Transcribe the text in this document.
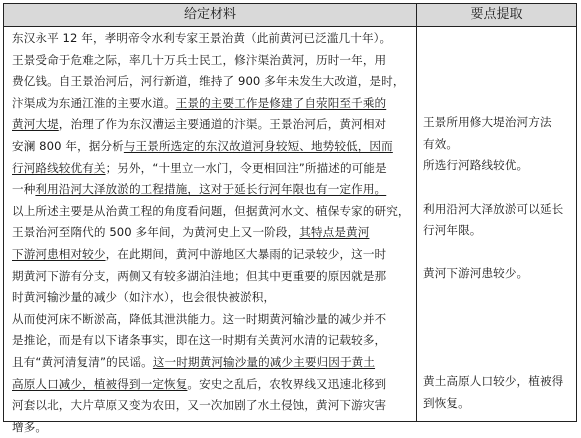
给定材料	要点提取
东汉永平 12 年，孝明帝令水利专家王景治黄（此前黄河已泛滥几十年）。
王景受命于危难之际，率几十万兵士民工，修汴渠治黄河，历时一年，用
费亿钱。自王景治河后，河行新道，维持了 900 多年未发生大改道，是时，
汴渠成为东通江淮的主要水道。王景的主要工作是修建了自荥阳至千乘的
黄河大堤，治理了作为东汉漕运主要通道的汴渠。王景治河后，黄河相对
安澜 800 年，据分析与王景所选定的东汉故道河身较短、地势较低，因而
行河路线较优有关；另外，“十里立一水门，令更相回注”所描述的可能是
一种利用沿河大泽放淤的工程措施，这对于延长行河年限也有一定作用。
以上所述主要是从治黄工程的角度看问题，但据黄河水文、植保专家的研究，
王景治河至隋代的 500 多年间，为黄河史上又一阶段，其特点是黄河
下游河患相对较少，在此期间，黄河中游地区大暴雨的记录较少，这一时
期黄河下游有分支，两侧又有较多湖泊洼地；但其中更重要的原因就是那
时黄河输沙量的减少（如汴水），也会很快被淤积，
从而使河床不断淤高，降低其泄洪能力。这一时期黄河输沙量的减少并不
是推论，而是有以下诸条事实，即在这一时期有关黄河水清的记载较多，
且有“黄河清复清”的民谣。这一时期黄河输沙量的减少主要归因于黄土
高原人口减少，植被得到一定恢复。安史之乱后，农牧界线又迅速北移到
河套以北，大片草原又变为农田，又一次加剧了水土侵蚀，黄河下游灾害
增多。
王景所用修大堤治河方法
有效。
所选行河路线较优。
利用沿河大泽放淤可以延长
行河年限。
黄河下游河患较少。
黄土高原人口较少，植被得
到恢复。
